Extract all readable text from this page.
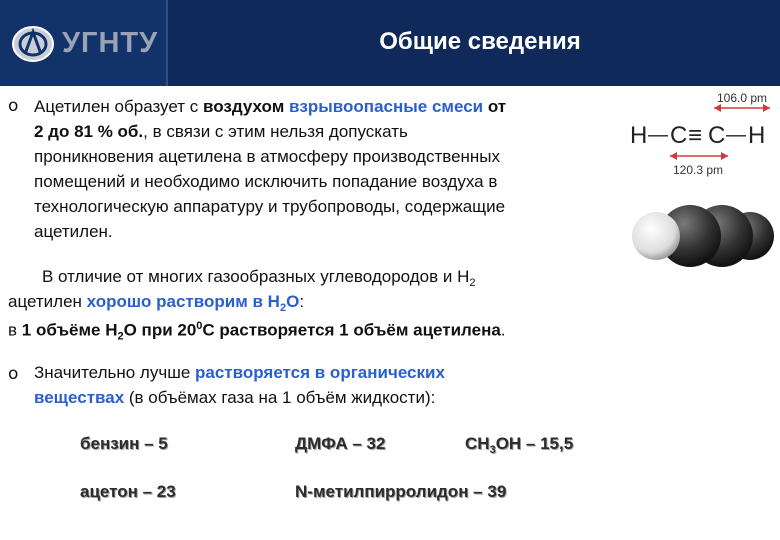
УГНТУ	Общие сведения
o Ацетилен образует с воздухом взрывоопасные смеси от
2 до 81 % об., в связи с этим нельзя допускать
проникновения ацетилена в атмосферу производственных
помещений и необходимо исключить попадание воздуха в
технологическую аппаратуру и трубопроводы, содержащие
ацетилен.
106.0 pm
H — C ≡ C — H
120.3 pm
В отличие от многих газообразных углеводородов и $Н_2$
ацетилен хорошо растворим в $Н_2О$:
в 1 объёме $Н_2О$ при $20^0С$ растворяется 1 объём ацетилена.
o Значительно лучше растворяется в органических
веществах (в объёмах газа на 1 объём жидкости):
бензин – 5	ДМФА – 32	$СН_3ОН - 15,5$
ацетон – 23	N-метилпирролидон – 39
